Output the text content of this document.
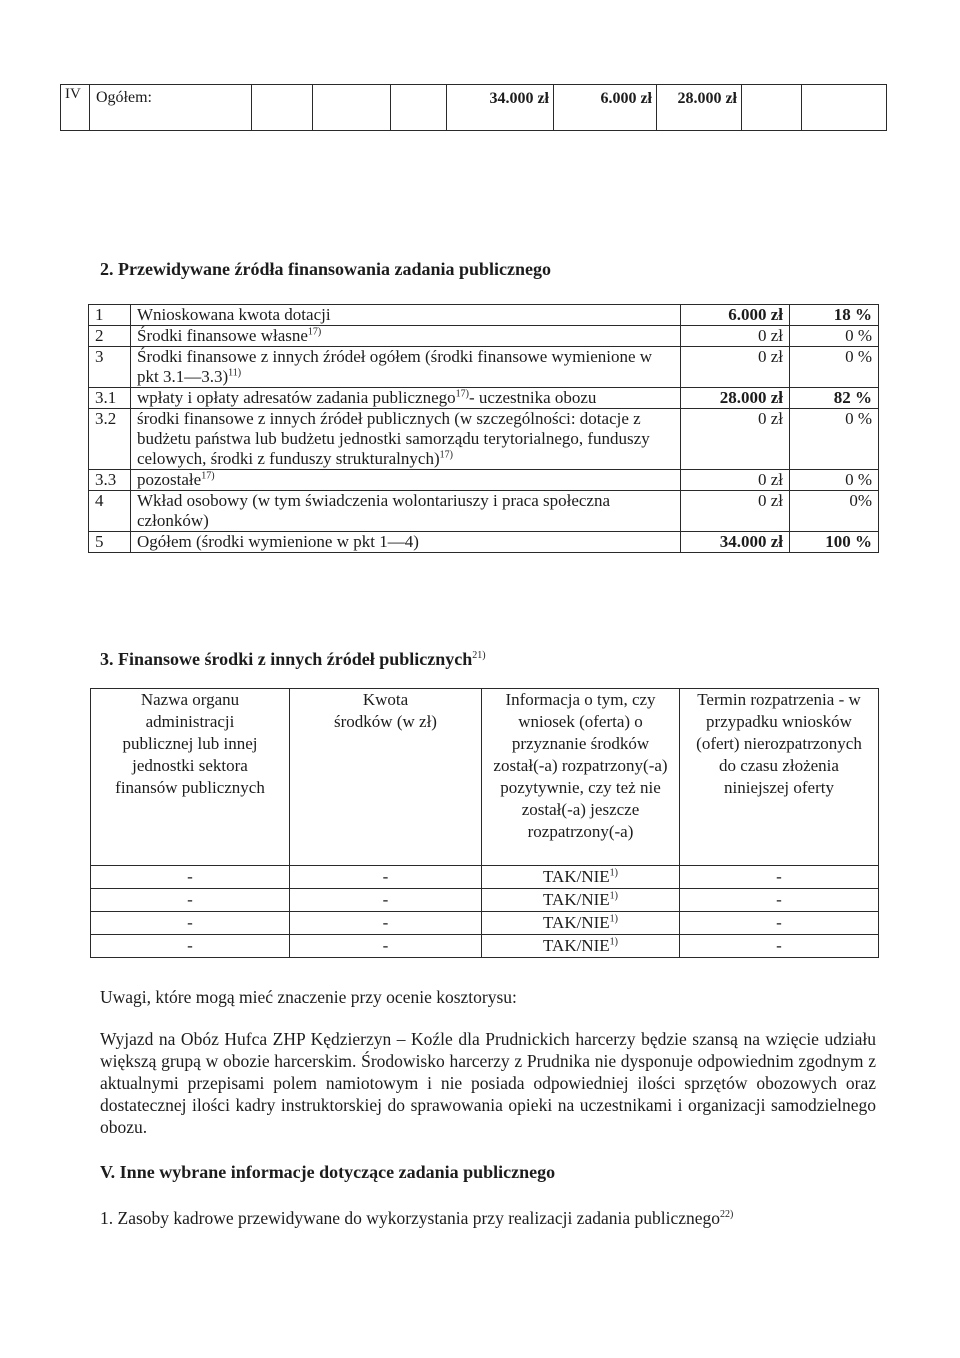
IV	Ogółem:				34.000 zł	6.000 zł	28.000 zł		
2. Przewidywane źródła finansowania zadania publicznego
1	Wnioskowana kwota dotacji	6.000 zł	18 %
2	Środki finansowe własne$^{17)}$	0 zł	0 %
3	Środki finansowe z innych źródeł ogółem (środki finansowe wymienione w pkt 3.1—3.3)$^{11)}$	0 zł	0 %
3.1	wpłaty i opłaty adresatów zadania publicznego$^{17)}$- uczestnika obozu	28.000 zł	82 %
3.2	środki finansowe z innych źródeł publicznych (w szczególności: dotacje z budżetu państwa lub budżetu jednostki samorządu terytorialnego, funduszy celowych, środki z funduszy strukturalnych)$^{17)}$	0 zł	0 %
3.3	pozostałe$^{17)}$	0 zł	0 %
4	Wkład osobowy (w tym świadczenia wolontariuszy i praca społeczna członków)	0 zł	0%
5	Ogółem (środki wymienione w pkt 1—4)	34.000 zł	100 %
3. Finansowe środki z innych źródeł publicznych$^{21)}$
Nazwa organu administracji publicznej lub innej jednostki sektora finansów publicznych	Kwota środków (w zł)	Informacja o tym, czy wniosek (oferta) o przyznanie środków został(-a) rozpatrzony(-a) pozytywnie, czy też nie został(-a) jeszcze rozpatrzony(-a)	Termin rozpatrzenia - w przypadku wniosków (ofert) nierozpatrzonych do czasu złożenia niniejszej oferty
-	-	TAK/NIE$^{1)}$	-
-	-	TAK/NIE$^{1)}$	-
-	-	TAK/NIE$^{1)}$	-
-	-	TAK/NIE$^{1)}$	-
Uwagi, które mogą mieć znaczenie przy ocenie kosztorysu:
Wyjazd na Obóz Hufca ZHP Kędzierzyn – Koźle dla Prudnickich harcerzy będzie szansą na wzięcie udziału większą grupą w obozie harcerskim. Środowisko harcerzy z Prudnika nie dysponuje odpowiednim zgodnym z aktualnymi przepisami polem namiotowym i nie posiada odpowiedniej ilości sprzętów obozowych oraz dostatecznej ilości kadry instruktorskiej do sprawowania opieki na uczestnikami i organizacji samodzielnego obozu.
V. Inne wybrane informacje dotyczące zadania publicznego
1. Zasoby kadrowe przewidywane do wykorzystania przy realizacji zadania publicznego$^{22)}$
